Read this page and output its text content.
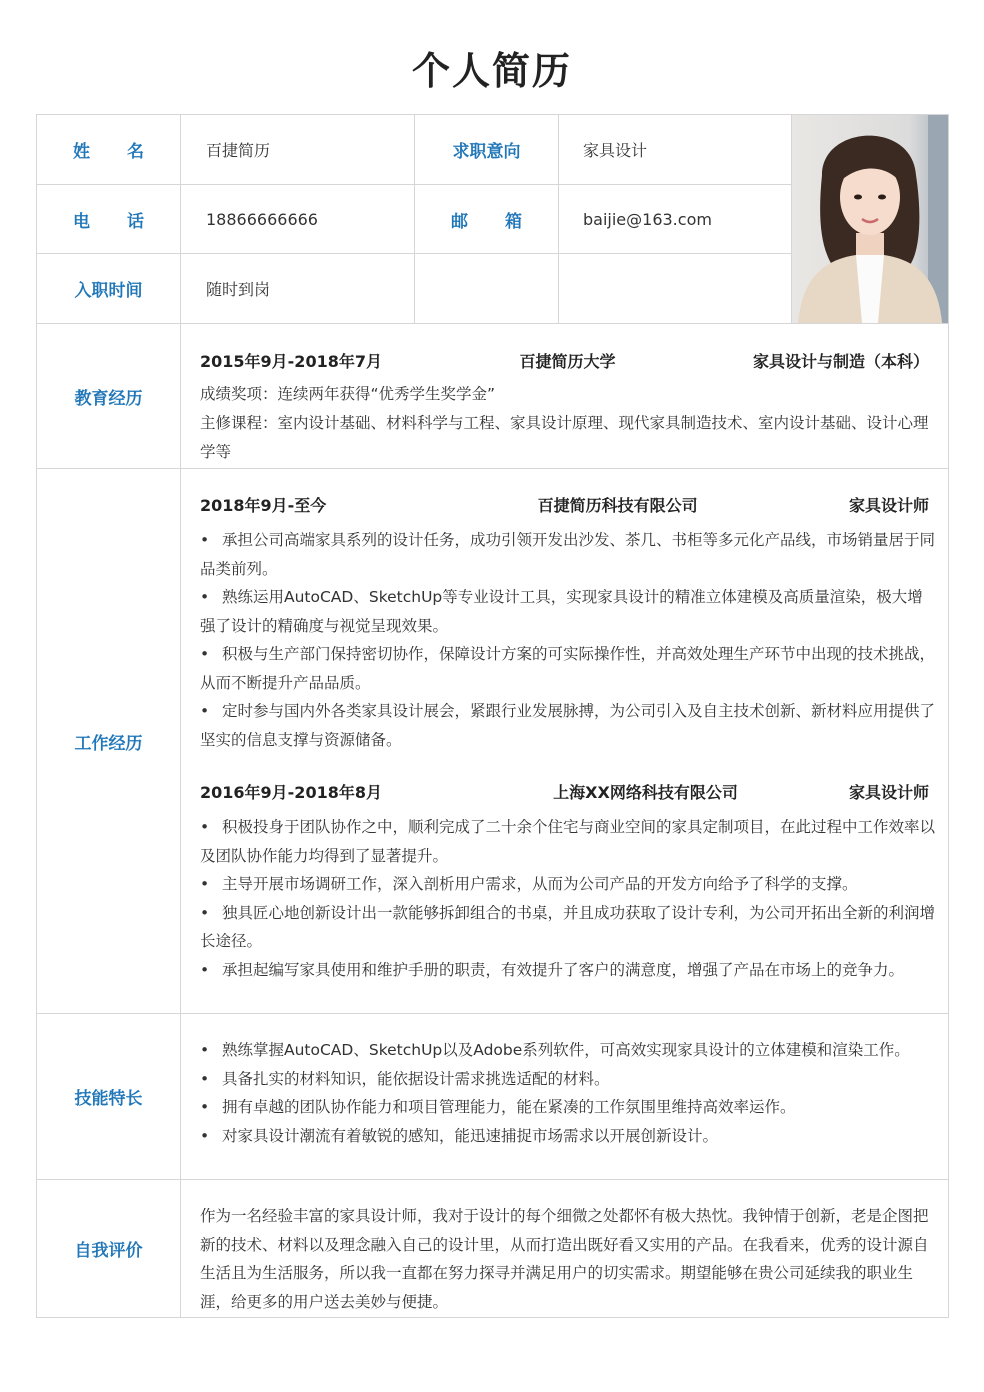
个人简历
姓 名	百捷简历	求职意向	家具设计
电 话	18866666666	邮 箱	baijie@163.com
入职时间	随时到岗
教育经历
2015年9月-2018年7月	百捷简历大学	家具设计与制造（本科）
成绩奖项：连续两年获得“优秀学生奖学金”
主修课程：室内设计基础、材料科学与工程、家具设计原理、现代家具制造技术、室内设计基础、设计心理学等
工作经历
2018年9月-至今	百捷简历科技有限公司	家具设计师
• 承担公司高端家具系列的设计任务，成功引领开发出沙发、茶几、书柜等多元化产品线，市场销量居于同品类前列。
• 熟练运用AutoCAD、SketchUp等专业设计工具，实现家具设计的精准立体建模及高质量渲染，极大增强了设计的精确度与视觉呈现效果。
• 积极与生产部门保持密切协作，保障设计方案的可实际操作性，并高效处理生产环节中出现的技术挑战，从而不断提升产品品质。
• 定时参与国内外各类家具设计展会，紧跟行业发展脉搏，为公司引入及自主技术创新、新材料应用提供了坚实的信息支撑与资源储备。
2016年9月-2018年8月	上海XX网络科技有限公司	家具设计师
• 积极投身于团队协作之中，顺利完成了二十余个住宅与商业空间的家具定制项目，在此过程中工作效率以及团队协作能力均得到了显著提升。
• 主导开展市场调研工作，深入剖析用户需求，从而为公司产品的开发方向给予了科学的支撑。
• 独具匠心地创新设计出一款能够拆卸组合的书桌，并且成功获取了设计专利，为公司开拓出全新的利润增长途径。
• 承担起编写家具使用和维护手册的职责，有效提升了客户的满意度，增强了产品在市场上的竞争力。
技能特长
• 熟练掌握AutoCAD、SketchUp以及Adobe系列软件，可高效实现家具设计的立体建模和渲染工作。
• 具备扎实的材料知识，能依据设计需求挑选适配的材料。
• 拥有卓越的团队协作能力和项目管理能力，能在紧凑的工作氛围里维持高效率运作。
• 对家具设计潮流有着敏锐的感知，能迅速捕捉市场需求以开展创新设计。
自我评价
作为一名经验丰富的家具设计师，我对于设计的每个细微之处都怀有极大热忱。我钟情于创新，老是企图把新的技术、材料以及理念融入自己的设计里，从而打造出既好看又实用的产品。在我看来，优秀的设计源自生活且为生活服务，所以我一直都在努力探寻并满足用户的切实需求。期望能够在贵公司延续我的职业生涯，给更多的用户送去美妙与便捷。
